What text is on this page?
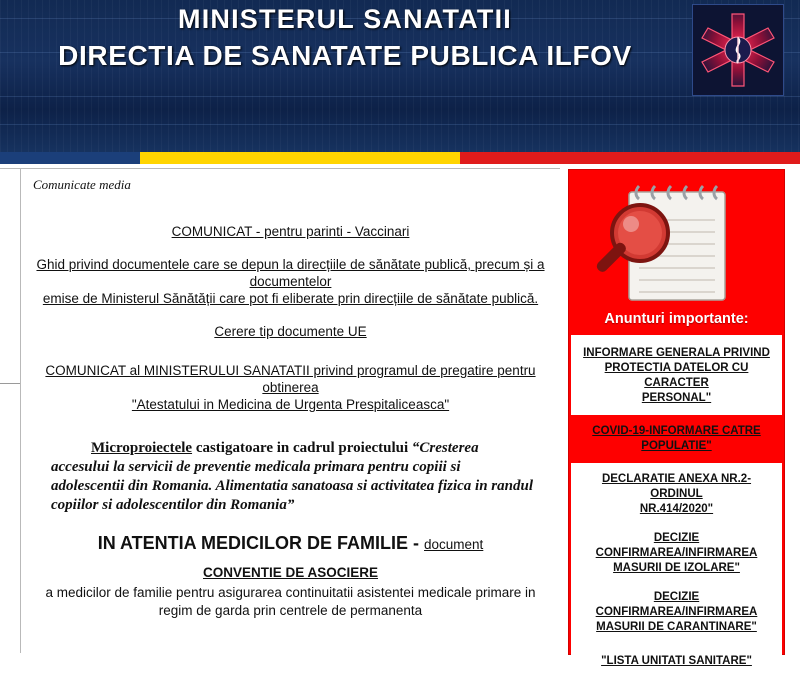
MINISTERUL SANATATII
DIRECTIA DE SANATATE PUBLICA ILFOV
Comunicate media
COMUNICAT - pentru parinti - Vaccinari
Ghid privind documentele care se depun la direcțiile de sănătate publică, precum și a documentelor
emise de Ministerul Sănătății care pot fi eliberate prin direcțiile de sănătate publică.
Cerere tip documente UE
COMUNICAT al MINISTERULUI SANATATII privind programul de pregatire pentru obtinerea
"Atestatului in Medicina de Urgenta Prespitaliceasca"
Microproiectele castigatoare in cadrul proiectului “Cresterea accesului la servicii de preventie medicala primara pentru copiii si adolescentii din Romania. Alimentatia sanatoasa si activitatea fizica in randul copiilor si adolescentilor din Romania”
IN ATENTIA MEDICILOR DE FAMILIE - document
CONVENTIE DE ASOCIERE
a medicilor de familie pentru asigurarea continuitatii asistentei medicale primare in
regim de garda prin centrele de permanenta
Anunturi importante:
INFORMARE GENERALA PRIVIND
PROTECTIA DATELOR CU CARACTER
PERSONAL"
COVID-19-INFORMARE CATRE
POPULATIE"
DECLARATIE ANEXA NR.2-ORDINUL
NR.414/2020"
DECIZIE CONFIRMAREA/INFIRMAREA
MASURII DE IZOLARE"
DECIZIE CONFIRMAREA/INFIRMAREA
MASURII DE CARANTINARE"
"LISTA UNITATI SANITARE"
